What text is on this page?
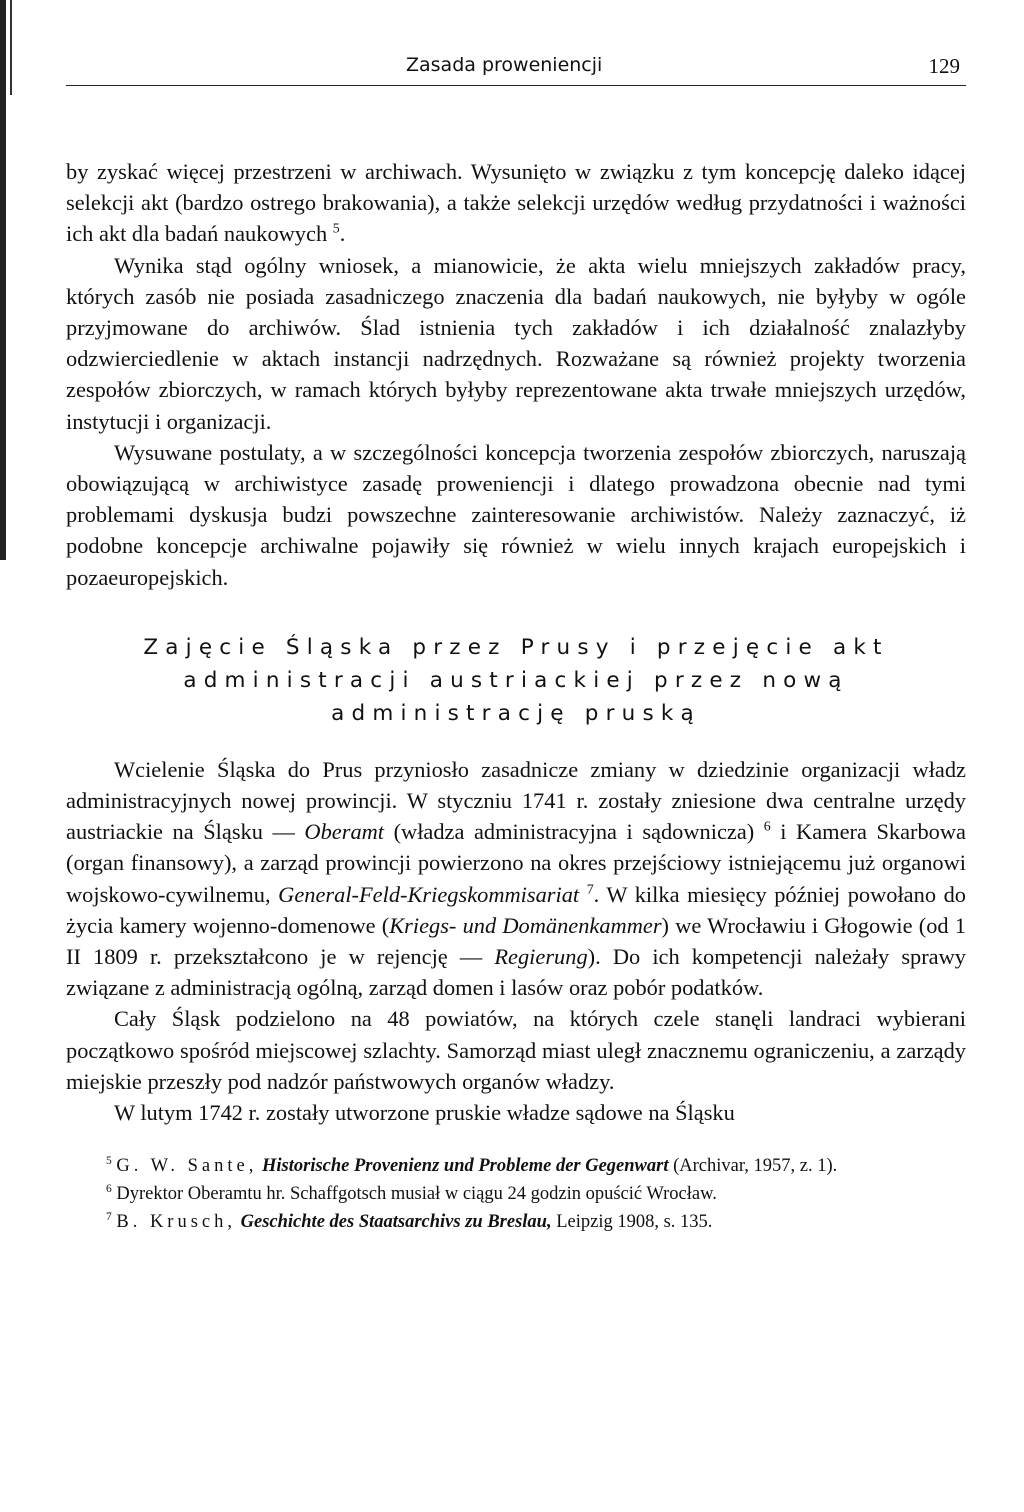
Zasada proweniencji	129

by zyskać więcej przestrzeni w archiwach. Wysunięto w związku z tym koncepcję daleko idącej selekcji akt (bardzo ostrego brakowania), a także selekcji urzędów według przydatności i ważności ich akt dla badań naukowych $^5$.

Wynika stąd ogólny wniosek, a mianowicie, że akta wielu mniejszych zakładów pracy, których zasób nie posiada zasadniczego znaczenia dla badań naukowych, nie byłyby w ogóle przyjmowane do archiwów. Ślad istnienia tych zakładów i ich działalność znalazłyby odzwierciedlenie w aktach instancji nadrzędnych. Rozważane są również projekty tworzenia zespołów zbiorczych, w ramach których byłyby reprezentowane akta trwałe mniejszych urzędów, instytucji i organizacji.

Wysuwane postulaty, a w szczególności koncepcja tworzenia zespołów zbiorczych, naruszają obowiązującą w archiwistyce zasadę proweniencji i dlatego prowadzona obecnie nad tymi problemami dyskusja budzi powszechne zainteresowanie archiwistów. Należy zaznaczyć, iż podobne koncepcje archiwalne pojawiły się również w wielu innych krajach europejskich i pozaeuropejskich.

Zajęcie Śląska przez Prusy i przejęcie akt administracji austriackiej przez nową administrację pruską

Wcielenie Śląska do Prus przyniosło zasadnicze zmiany w dziedzinie organizacji władz administracyjnych nowej prowincji. W styczniu 1741 r. zostały zniesione dwa centralne urzędy austriackie na Śląsku — Oberamt (władza administracyjna i sądownicza) $^6$ i Kamera Skarbowa (organ finansowy), a zarząd prowincji powierzono na okres przejściowy istniejącemu już organowi wojskowo-cywilnemu, General-Feld-Kriegskommisariat $^7$. W kilka miesięcy później powołano do życia kamery wojenno-domenowe (Kriegs- und Domänenkammer) we Wrocławiu i Głogowie (od 1 II 1809 r. przekształcono je w rejencję — Regierung). Do ich kompetencji należały sprawy związane z administracją ogólną, zarząd domen i lasów oraz pobór podatków.

Cały Śląsk podzielono na 48 powiatów, na których czele stanęli landraci wybierani początkowo spośród miejscowej szlachty. Samorząd miast uległ znacznemu ograniczeniu, a zarządy miejskie przeszły pod nadzór państwowych organów władzy.

W lutym 1742 r. zostały utworzone pruskie władze sądowe na Śląsku

$^5$ G. W. Sante, Historische Provenienz und Probleme der Gegenwart (Archivar, 1957, z. 1).

$^6$ Dyrektor Oberamtu hr. Schaffgotsch musiał w ciągu 24 godzin opuścić Wrocław.

$^7$ B. Krusch, Geschichte des Staatsarchivs zu Breslau, Leipzig 1908, s. 135.
